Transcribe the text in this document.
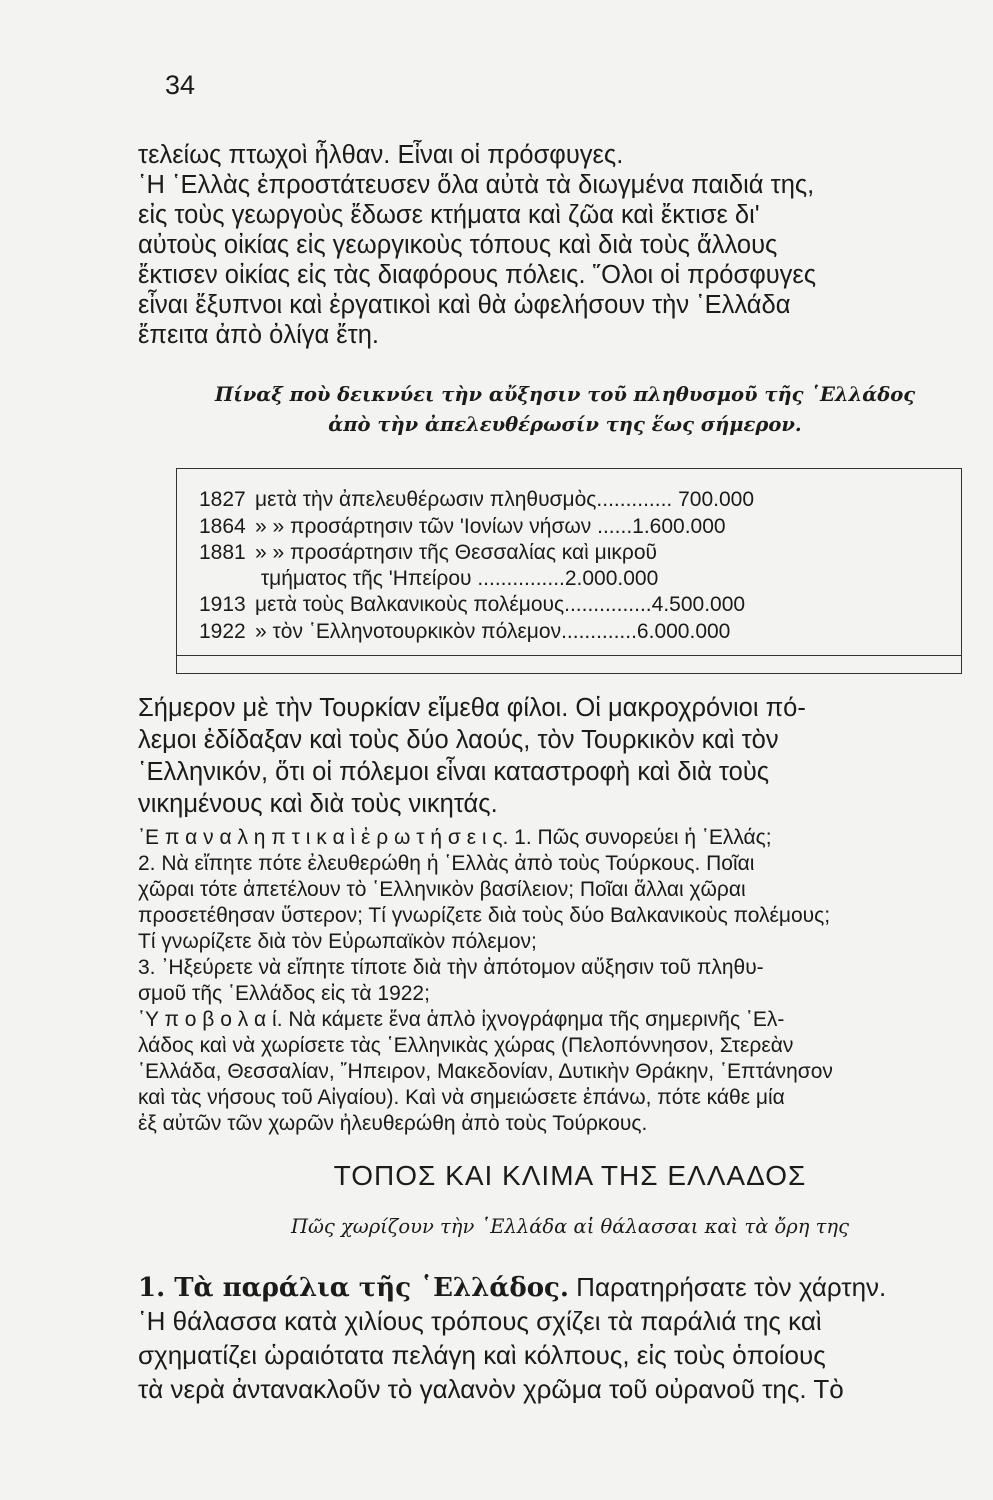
34
τελείως πτωχοὶ ἦλθαν. Εἶναι οἱ πρόσφυγες.
῾Η ῾Ελλὰς ἐπροστάτευσεν ὅλα αὐτὰ τὰ διωγμένα παιδιά της,
εἰς τοὺς γεωργοὺς ἔδωσε κτήματα καὶ ζῶα καὶ ἔκτισε δι'
αὐτοὺς οἰκίας εἰς γεωργικοὺς τόπους καὶ διὰ τοὺς ἄλλους
ἔκτισεν οἰκίας εἰς τὰς διαφόρους πόλεις. ῞Ολοι οἱ πρόσφυγες
εἶναι ἔξυπνοι καὶ ἐργατικοὶ καὶ θὰ ὠφελήσουν τὴν ῾Ελλάδα
ἔπειτα ἀπὸ ὀλίγα ἔτη.
Πίναξ ποὺ δεικνύει τὴν αὔξησιν τοῦ πληθυσμοῦ τῆς ῾Ελλάδος
ἀπὸ τὴν ἀπελευθέρωσίν της ἕως σήμερον.
1827 μετὰ τὴν ἀπελευθέρωσιν πληθυσμὸς............. 700.000
1864 » » προσάρτησιν τῶν 'Ιονίων νήσων ......1.600.000
1881 » » προσάρτησιν τῆς Θεσσαλίας καὶ μικροῦ
τμήματος τῆς 'Ηπείρου ...............2.000.000
1913 μετὰ τοὺς Βαλκανικοὺς πολέμους...............4.500.000
1922 » τὸν ῾Ελληνοτουρκικὸν πόλεμον.............6.000.000
Σήμερον μὲ τὴν Τουρκίαν εἴμεθα φίλοι. Οἱ μακροχρόνιοι πό-
λεμοι ἐδίδαξαν καὶ τοὺς δύο λαούς, τὸν Τουρκικὸν καὶ τὸν
῾Ελληνικόν, ὅτι οἱ πόλεμοι εἶναι καταστροφὴ καὶ διὰ τοὺς
νικημένους καὶ διὰ τοὺς νικητάς.
᾿Ε π α ν α λ η π τ ι κ α ὶ ἐ ρ ω τ ή σ ε ι ς. 1. Πῶς συνορεύει ἡ ῾Ελλάς;
2. Νὰ εἴπητε πότε ἐλευθερώθη ἡ ῾Ελλὰς ἀπὸ τοὺς Τούρκους. Ποῖαι
χῶραι τότε ἀπετέλουν τὸ ῾Ελληνικὸν βασίλειον; Ποῖαι ἄλλαι χῶραι
προσετέθησαν ὕστερον; Τί γνωρίζετε διὰ τοὺς δύο Βαλκανικοὺς πολέμους;
Τί γνωρίζετε διὰ τὸν Εὐρωπαϊκὸν πόλεμον;
3. ᾿Ηξεύρετε νὰ εἴπητε τίποτε διὰ τὴν ἀπότομον αὔξησιν τοῦ πληθυ-
σμοῦ τῆς ῾Ελλάδος εἰς τὰ 1922;
῾Υ π ο β ο λ α ί. Νὰ κάμετε ἕνα ἁπλὸ ἰχνογράφημα τῆς σημερινῆς ῾Ελ-
λάδος καὶ νὰ χωρίσετε τὰς ῾Ελληνικὰς χώρας (Πελοπόννησον, Στερεὰν
῾Ελλάδα, Θεσσαλίαν, ῎Ηπειρον, Μακεδονίαν, Δυτικὴν Θράκην, ῾Επτάνησον
καὶ τὰς νήσους τοῦ Αἰγαίου). Καὶ νὰ σημειώσετε ἐπάνω, πότε κάθε μία
ἐξ αὐτῶν τῶν χωρῶν ἠλευθερώθη ἀπὸ τοὺς Τούρκους.
ΤΟΠΟΣ ΚΑΙ ΚΛΙΜΑ ΤΗΣ ΕΛΛΑΔΟΣ
Πῶς χωρίζουν τὴν ῾Ελλάδα αἱ θάλασσαι καὶ τὰ ὄρη της
1. Τὰ παράλια τῆς ῾Ελλάδος. Παρατηρήσατε τὸν χάρτην.
῾Η θάλασσα κατὰ χιλίους τρόπους σχίζει τὰ παράλιά της καὶ
σχηματίζει ὡραιότατα πελάγη καὶ κόλπους, εἰς τοὺς ὁποίους
τὰ νερὰ ἀντανακλοῦν τὸ γαλανὸν χρῶμα τοῦ οὐρανοῦ της. Τὸ
